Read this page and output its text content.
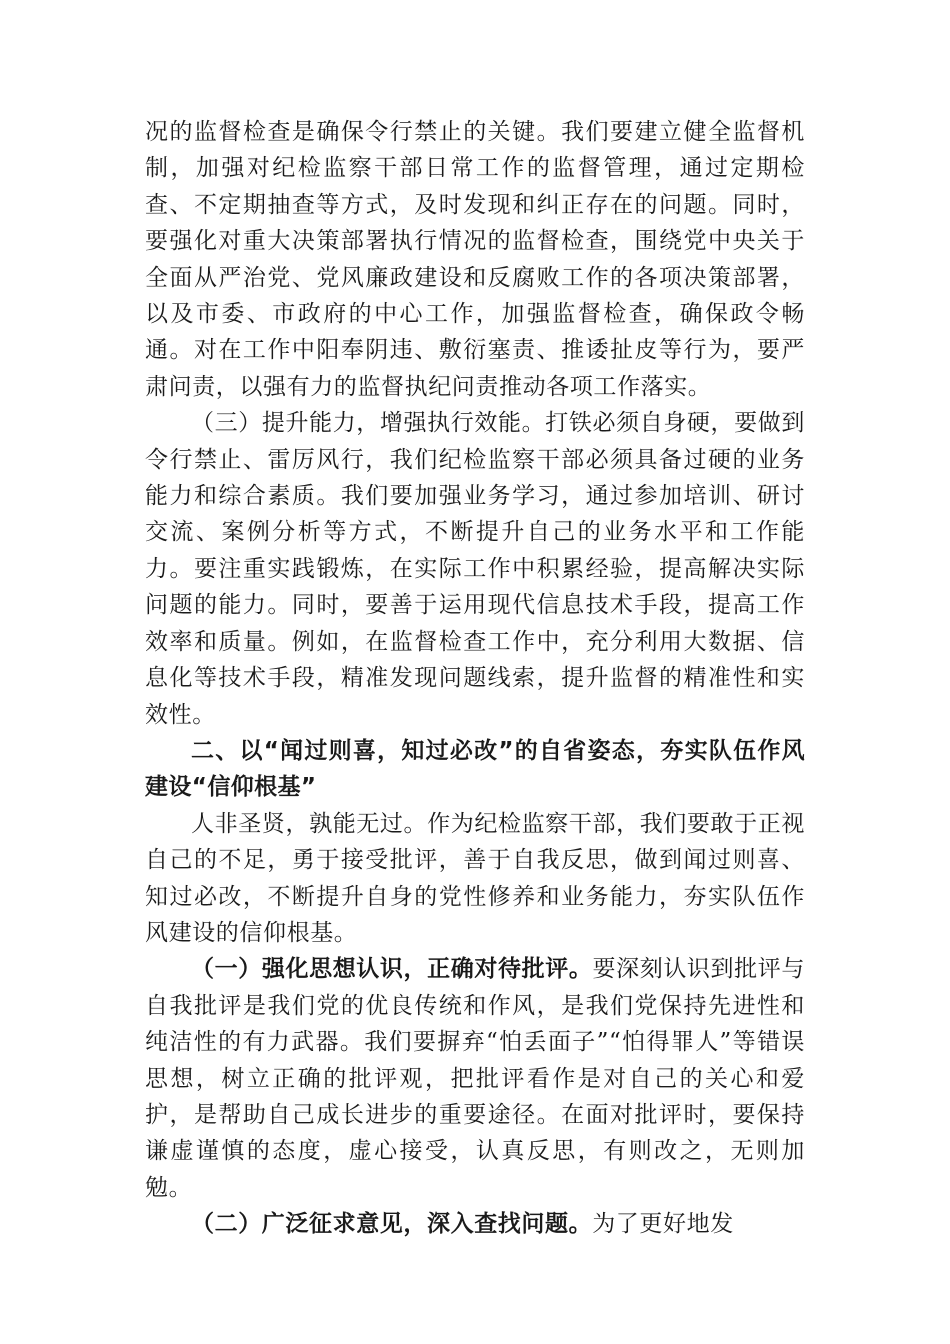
况的监督检查是确保令行禁止的关键。我们要建立健全监督机制，加强对纪检监察干部日常工作的监督管理，通过定期检查、不定期抽查等方式，及时发现和纠正存在的问题。同时，要强化对重大决策部署执行情况的监督检查，围绕党中央关于全面从严治党、党风廉政建设和反腐败工作的各项决策部署，以及市委、市政府的中心工作，加强监督检查，确保政令畅通。对在工作中阳奉阴违、敷衍塞责、推诿扯皮等行为，要严肃问责，以强有力的监督执纪问责推动各项工作落实。

（三）提升能力，增强执行效能。打铁必须自身硬，要做到令行禁止、雷厉风行，我们纪检监察干部必须具备过硬的业务能力和综合素质。我们要加强业务学习，通过参加培训、研讨交流、案例分析等方式，不断提升自己的业务水平和工作能力。要注重实践锻炼，在实际工作中积累经验，提高解决实际问题的能力。同时，要善于运用现代信息技术手段，提高工作效率和质量。例如，在监督检查工作中，充分利用大数据、信息化等技术手段，精准发现问题线索，提升监督的精准性和实效性。

二、以“闻过则喜，知过必改”的自省姿态，夯实队伍作风建设“信仰根基”

人非圣贤，孰能无过。作为纪检监察干部，我们要敢于正视自己的不足，勇于接受批评，善于自我反思，做到闻过则喜、知过必改，不断提升自身的党性修养和业务能力，夯实队伍作风建设的信仰根基。

（一）强化思想认识，正确对待批评。要深刻认识到批评与自我批评是我们党的优良传统和作风，是我们党保持先进性和纯洁性的有力武器。我们要摒弃“怕丢面子”“怕得罪人”等错误思想，树立正确的批评观，把批评看作是对自己的关心和爱护，是帮助自己成长进步的重要途径。在面对批评时，要保持谦虚谨慎的态度，虚心接受，认真反思，有则改之，无则加勉。

（二）广泛征求意见，深入查找问题。为了更好地发
